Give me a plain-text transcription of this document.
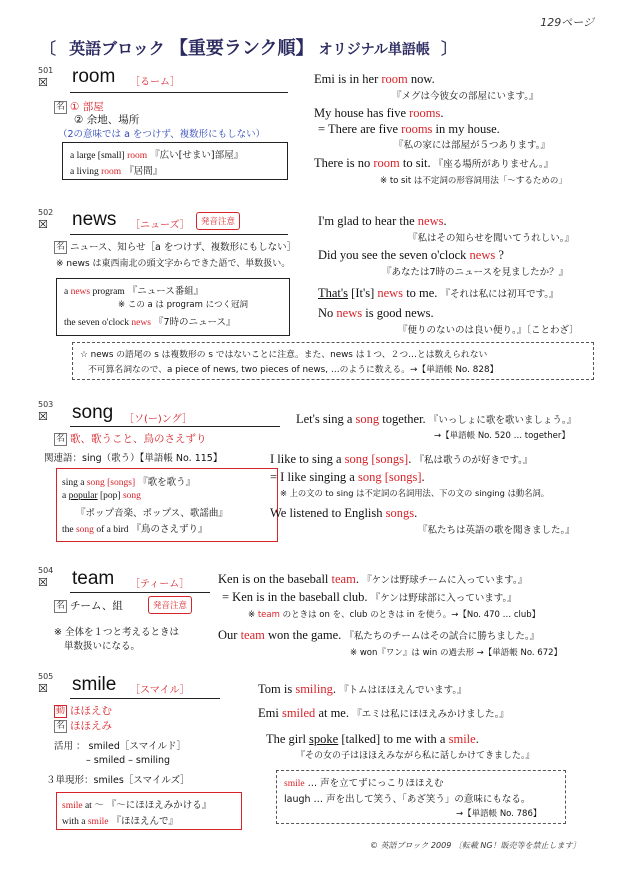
129ページ
〔 英語ブロック 【重要ランク順】 オリジナル単語帳 〕
501
☒ room ［るーム］
名 ① 部屋
② 余地、場所
（2の意味では a をつけず、複数形にもしない）
a large [small] room 『広い[せまい]部屋』
a living room 『居間』
Emi is in her room now.
『メグは今彼女の部屋にいます。』
My house has five rooms.
= There are five rooms in my house.
『私の家には部屋が５つあります。』
There is no room to sit. 『座る場所がありません。』
※ to sit は不定詞の形容詞用法「〜するための」
502
☒ news ［ニューズ］	発音注意
名 ニュース、知らせ［a をつけず、複数形にもしない］
※ news は東西南北の頭文字からできた語で、単数扱い。
a news program 『ニュース番組』
※ この a は program につく冠詞
the seven o'clock news 『7時のニュース』
I'm glad to hear the news.
『私はその知らせを聞いてうれしい。』
Did you see the seven o'clock news ?
『あなたは7時のニュースを見ましたか？』
That's [It's] news to me. 『それは私には初耳です。』
No news is good news.
『便りのないのは良い便り。』〔ことわざ〕
☆ news の語尾の s は複数形の s ではないことに注意。また、news は１つ、２つ…とは数えられない
不可算名詞なので、a piece of news, two pieces of news, …のように数える。→【単語帳 No. 828】
503
☒ song ［ソ(ー)ング］
名 歌、歌うこと、鳥のさえずり
関連語：sing（歌う）【単語帳 No. 115】
sing a song [songs] 『歌を歌う』
a popular [pop] song
『ポップ音楽、ポップス、歌謡曲』
the song of a bird 『鳥のさえずり』
Let's sing a song together. 『いっしょに歌を歌いましょう。』
→【単語帳 No. 520 … together】
I like to sing a song [songs]. 『私は歌うのが好きです。』
= I like singing a song [songs].
※ 上の文の to sing は不定詞の名詞用法、下の文の singing は動名詞。
We listened to English songs.
『私たちは英語の歌を聞きました。』
504
☒ team ［ティーム］
名 チーム、組	発音注意
※ 全体を１つと考えるときは
単数扱いになる。
Ken is on the baseball team. 『ケンは野球チームに入っています。』
= Ken is in the baseball club. 『ケンは野球部に入っています。』
※ team のときは on を、club のときは in を使う。→【No. 470 … club】
Our team won the game. 『私たちのチームはその試合に勝ちました。』
※ won『ワン』は win の過去形 →【単語帳 No. 672】
505
☒ smile ［スマイル］
動 ほほえむ
名 ほほえみ
活用 ： smiled［スマイルド］
– smiled – smiling
３単現形：smiles［スマイルズ］
smile at ～ 『～にほほえみかける』
with a smile 『ほほえんで』
Tom is smiling. 『トムはほほえんでいます。』
Emi smiled at me. 『エミは私にほほえみかけました。』
The girl spoke [talked] to me with a smile.
『その女の子はほほえみながら私に話しかけてきました。』
smile … 声を立てずにっこりほほえむ
laugh … 声を出して笑う、「あざ笑う」の意味にもなる。
→【単語帳 No. 786】
© 英語ブロック 2009 〔転載 NG！販売等を禁止します〕
